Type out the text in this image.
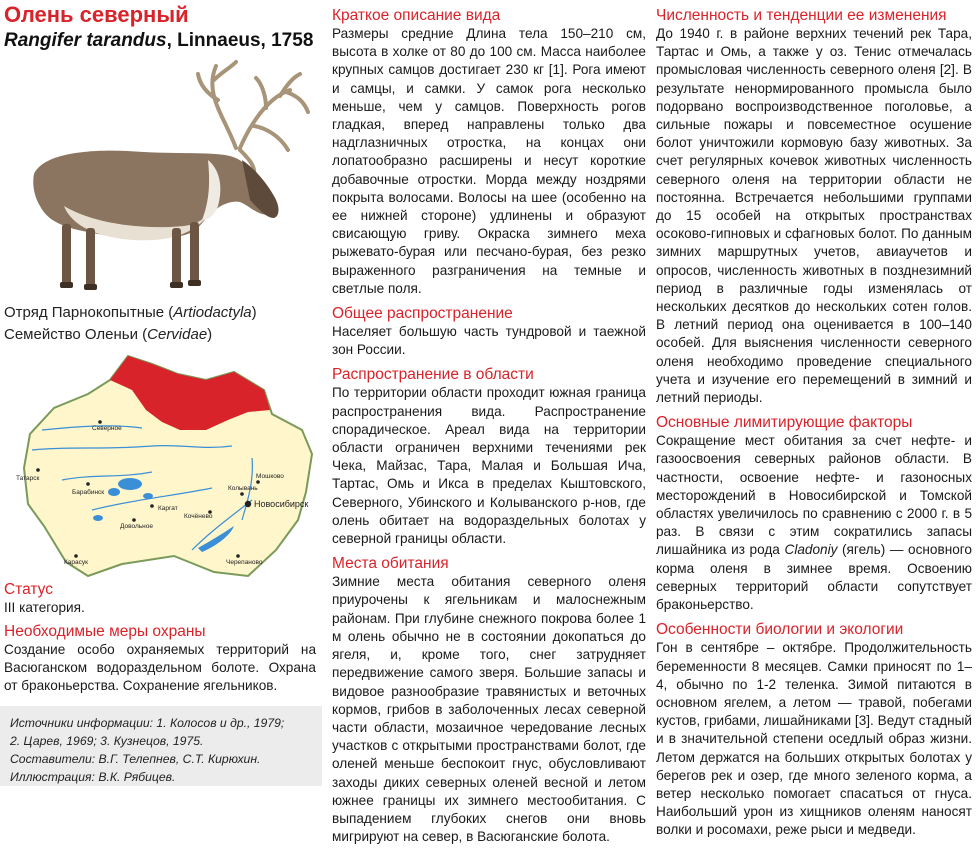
Олень северный
Rangifer tarandus, Linnaeus, 1758
Отряд Парнокопытные (Artiodactyla)
Семейство Оленьи (Cervidae)
Северное
Татарск
Барабинск
Каргат
Мошково
Колывань
Новосибирск
Кочёнево
Довольное
Карасук	Черепаново
Статус

III категория.

Необходимые меры охраны

Создание особо охраняемых территорий на Васюганском водораздельном болоте. Охрана от браконьерства. Сохранение ягельников.

Источники информации: 1. Колосов и др., 1979;
2. Царев, 1969; 3. Кузнецов, 1975.
Составители: В.Г. Телепнев, С.Т. Кирюхин.
Иллюстрация: В.К. Рябицев.
Краткое описание вида

Размеры средние Длина тела 150–210 см, высота в холке от 80 до 100 см. Масса наиболее крупных самцов достигает 230 кг [1]. Рога имеют и самцы, и самки. У самок рога несколько меньше, чем у самцов. Поверхность рогов гладкая, вперед направлены только два надглазничных отростка, на концах они лопатообразно расширены и несут короткие добавочные отростки. Морда между ноздрями покрыта волосами. Волосы на шее (особенно на ее нижней стороне) удлинены и образуют свисающую гриву. Окраска зимнего меха рыжевато-бурая или песчано-бурая, без резко выраженного разграничения на темные и светлые поля.

Общее распространение

Населяет большую часть тундровой и таежной зон России.

Распространение в области

По территории области проходит южная граница распространения вида. Распространение спорадическое. Ареал вида на территории области ограничен верхними течениями рек Чека, Майзас, Тара, Малая и Большая Ича, Тартас, Омь и Икса в пределах Кыштовского, Северного, Убинского и Колыванского р-нов, где олень обитает на водораздельных болотах у северной границы области.

Места обитания

Зимние места обитания северного оленя приурочены к ягельникам и малоснежным районам. При глубине снежного покрова более 1 м олень обычно не в состоянии докопаться до ягеля, и, кроме того, снег затрудняет передвижение самого зверя. Большие запасы и видовое разнообразие травянистых и веточных кормов, грибов в заболоченных лесах северной части области, мозаичное чередование лесных участков с открытыми пространствами болот, где оленей меньше беспокоит гнус, обусловливают заходы диких северных оленей весной и летом южнее границы их зимнего местообитания. С выпадением глубоких снегов они вновь мигрируют на север, в Васюганские болота.

Численность и тенденции ее изменения

До 1940 г. в районе верхних течений рек Тара, Тартас и Омь, а также у оз. Тенис отмечалась промысловая численность северного оленя [2]. В результате ненормированного промысла было подорвано воспроизводственное поголовье, а сильные пожары и повсеместное осушение болот уничтожили кормовую базу животных. За счет регулярных кочевок животных численность северного оленя на территории области не постоянна. Встречается небольшими группами до 15 особей на открытых пространствах осоково-гипновых и сфагновых болот. По данным зимних маршрутных учетов, авиаучетов и опросов, численность животных в позднезимний период в различные годы изменялась от нескольких десятков до нескольких сотен голов. В летний период она оценивается в 100–140 особей. Для выяснения численности северного оленя необходимо проведение специального учета и изучение его перемещений в зимний и летний периоды.

Основные лимитирующие факторы

Сокращение мест обитания за счет нефте- и газоосвоения северных районов области. В частности, освоение нефте- и газоносных месторождений в Новосибирской и Томской областях увеличилось по сравнению с 2000 г. в 5 раз. В связи с этим сократились запасы лишайника из рода Cladoniy (ягель) — основного корма оленя в зимнее время. Освоению северных территорий области сопутствует браконьерство.

Особенности биологии и экологии

Гон в сентябре – октябре. Продолжительность беременности 8 месяцев. Самки приносят по 1–4, обычно по 1-2 теленка. Зимой питаются в основном ягелем, а летом — травой, побегами кустов, грибами, лишайниками [3]. Ведут стадный и в значительной степени оседлый образ жизни. Летом держатся на больших открытых болотах у берегов рек и озер, где много зеленого корма, а ветер несколько помогает спасаться от гнуса. Наибольший урон из хищников оленям наносят волки и росомахи, реже рыси и медведи.
